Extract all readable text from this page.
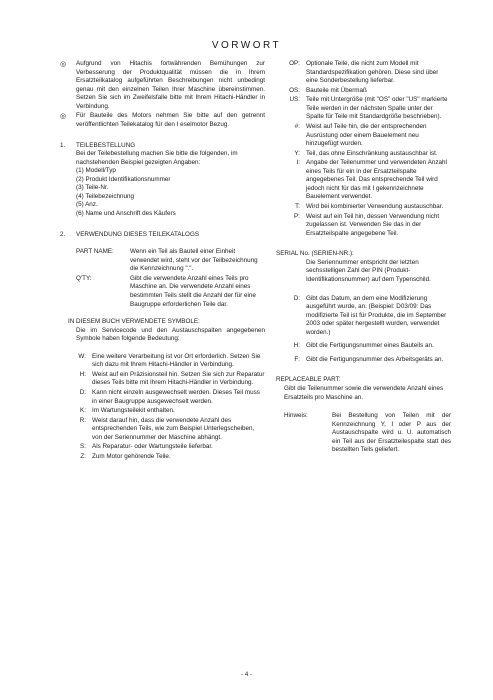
VORWORT
◎	Aufgrund von Hitachis fortwährenden Bemühungen zur Verbesserung der Produktqualität müssen die in Ihrem Ersatzteilkatalog aufgeführten Beschreibungen nicht unbedingt genau mit den einzelnen Teilen Ihrer Maschine übereinstimmen. Setzen Sie sich im Zweifelsfalle bitte mit Ihrem Hitachi-Händler in Verbindung.
◎	Für Bauteile des Motors nehmen Sie bitte auf den getrennt veröffentlichten Teilekatalog für den I eselmotor Bezug.
1.	TEILEBESTELLUNG

Bei der Teilebestellung machen Sie bitte die folgenden, im nachstehenden Beispiel gezeigten Angaben:

(1) Modell/Typ

(2) Produkt Identifikationsnummer

(3) Teile-Nr.

(4) Teilebezeichnung

(5) Anz.

(6) Name und Anschrift des Käufers

2.	VERWENDUNG DIESES TEILEKATALOGS
PART NAME:	Wenn ein Teil als Bauteil einer Einheit verwendet wird, steht vor der Teilbezeichnung die Kennzeichnung ".".
Q'TY:	Gibt die verwendete Anzahl eines Teils pro Maschine an. Die verwendete Anzahl eines bestimmten Teils stellt die Anzahl der für eine Baugruppe erforderlichen Teile dar.
IN DIESEM BUCH VERWENDETE SYMBOLE:
Die im Servicecode und den Austauschspalten angegebenen Symbole haben folgende Bedeutung:
W: Eine weitere Verarbeitung ist vor Ort erforderlich. Setzen Sie sich dazu mit Ihrem Hitachi-Händler in Verbindung.
H: Weist auf ein Präzisionsteil hin. Setzen Sie sich zur Reparatur dieses Teils bitte mit Ihrem Hitachi-Händler in Verbindung.
D: Kann nicht einzeln ausgewechselt werden. Dieses Teil muss in einer Baugruppe ausgewechselt werden.
K: Im Wartungsteilekit enthalten.
R: Weist darauf hin, dass die verwendete Anzahl des entsprechenden Teils, wie zum Beispiel Unterlegscheiben, von der Seriennummer der Maschine abhängt.
S: Als Reparatur- oder Wartungsteile lieferbar.
Z: Zum Motor gehörende Teile.
OP: Optionale Teile, die nicht zum Modell mit Standardspezifikation gehören. Diese sind über eine Sonderbestellung lieferbar.
OS: Bauteile mit Übermaß
US: Teile mit Untergröße (mit "OS" oder "US" markierte Teile werden in der nächsten Spalte unter der Spalte für Teile mit Standardgröße beschrieben).
#: Weist auf Teile hin, die der entsprechenden Ausrüstung oder einem Bauelement neu hinzugefügt wurden.
Y: Teil, das ohne Einschränkung austauschbar ist.
I: Angabe der Teilenummer und verwendeten Anzahl eines Teils für ein in der Ersatzteilspalte angegebenes Teil. Das entsprechende Teil wird jedoch nicht für das mit I gekennzeichnete Bauelement verwendet.
T: Wird bei kombinierter Verwendung austauschbar.
P: Weist auf ein Teil hin, dessen Verwendung nicht zugelassen ist. Verwenden Sie das in der Ersatzteilspalte angegebene Teil.
SERIAL No. (SERIEN-NR.):
Die Seriennummer entspricht der letzten sechsstelligen Zahl der PIN (Produkt-Identifikationsnummer) auf dem Typenschild.
D: Gibt das Datum, an dem eine Modifizierung ausgeführt wurde, an. (Beispiel: D03/09: Das modifizierte Teil ist für Produkte, die im September 2003 oder später hergestellt wurden, verwendet worden.)
H: Gibt die Fertigungsnummer eines Bauteils an.
F: Gibt die Fertigungsnummer des Arbeitsgeräts an.
REPLACEABLE PART:
Gibt die Teilenummer sowie die verwendete Anzahl eines Ersatzteils pro Maschine an.
Hinweis:	Bei Bestellung von Teilen mit der Kennzeichnung Y, I oder P aus der Austauschspalte wird u. U. automatisch ein Teil aus der Ersatzteilespalte statt des bestellten Teils geliefert.
- 4 -
